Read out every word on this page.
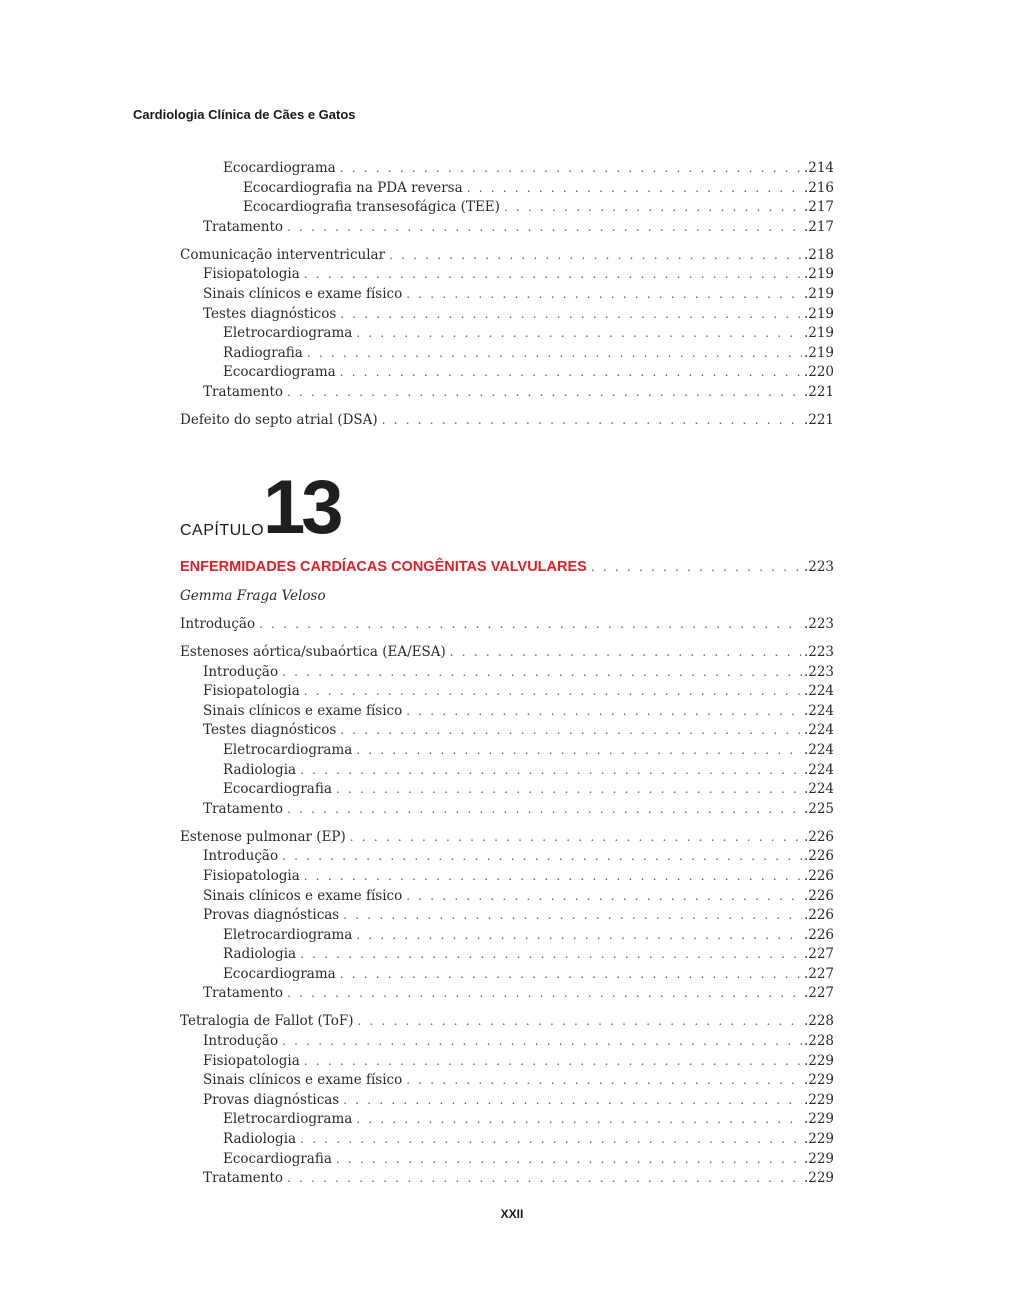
Cardiologia Clínica de Cães e Gatos
Ecocardiograma . . .	.214
Ecocardiografia na PDA reversa . . .	.216
Ecocardiografia transesofágica (TEE) . . .	.217
Tratamento . . .	.217
Comunicação interventricular . . .	.218
Fisiopatologia . . .	.219
Sinais clínicos e exame físico . . .	.219
Testes diagnósticos . . .	.219
Eletrocardiograma . . .	.219
Radiografia . . .	.219
Ecocardiograma . . .	.220
Tratamento . . .	.221
Defeito do septo atrial (DSA) . . .	.221
CAPÍTULO
13
ENFERMIDADES CARDÍACAS CONGÊNITAS VALVULARES . . .	.223
Gemma Fraga Veloso
Introdução . . .	.223
Estenoses aórtica/subaórtica (EA/ESA) . . .	.223
Introdução . . .	.223
Fisiopatologia . . .	.224
Sinais clínicos e exame físico . . .	.224
Testes diagnósticos . . .	.224
Eletrocardiograma . . .	.224
Radiologia . . .	.224
Ecocardiografia . . .	.224
Tratamento . . .	.225
Estenose pulmonar (EP) . . .	.226
Introdução . . .	.226
Fisiopatologia . . .	.226
Sinais clínicos e exame físico . . .	.226
Provas diagnósticas . . .	.226
Eletrocardiograma . . .	.226
Radiologia . . .	.227
Ecocardiograma . . .	.227
Tratamento . . .	.227
Tetralogia de Fallot (ToF) . . .	.228
Introdução . . .	.228
Fisiopatologia . . .	.229
Sinais clínicos e exame físico . . .	.229
Provas diagnósticas . . .	.229
Eletrocardiograma . . .	.229
Radiologia . . .	.229
Ecocardiografia . . .	.229
Tratamento . . .	.229
XXII
